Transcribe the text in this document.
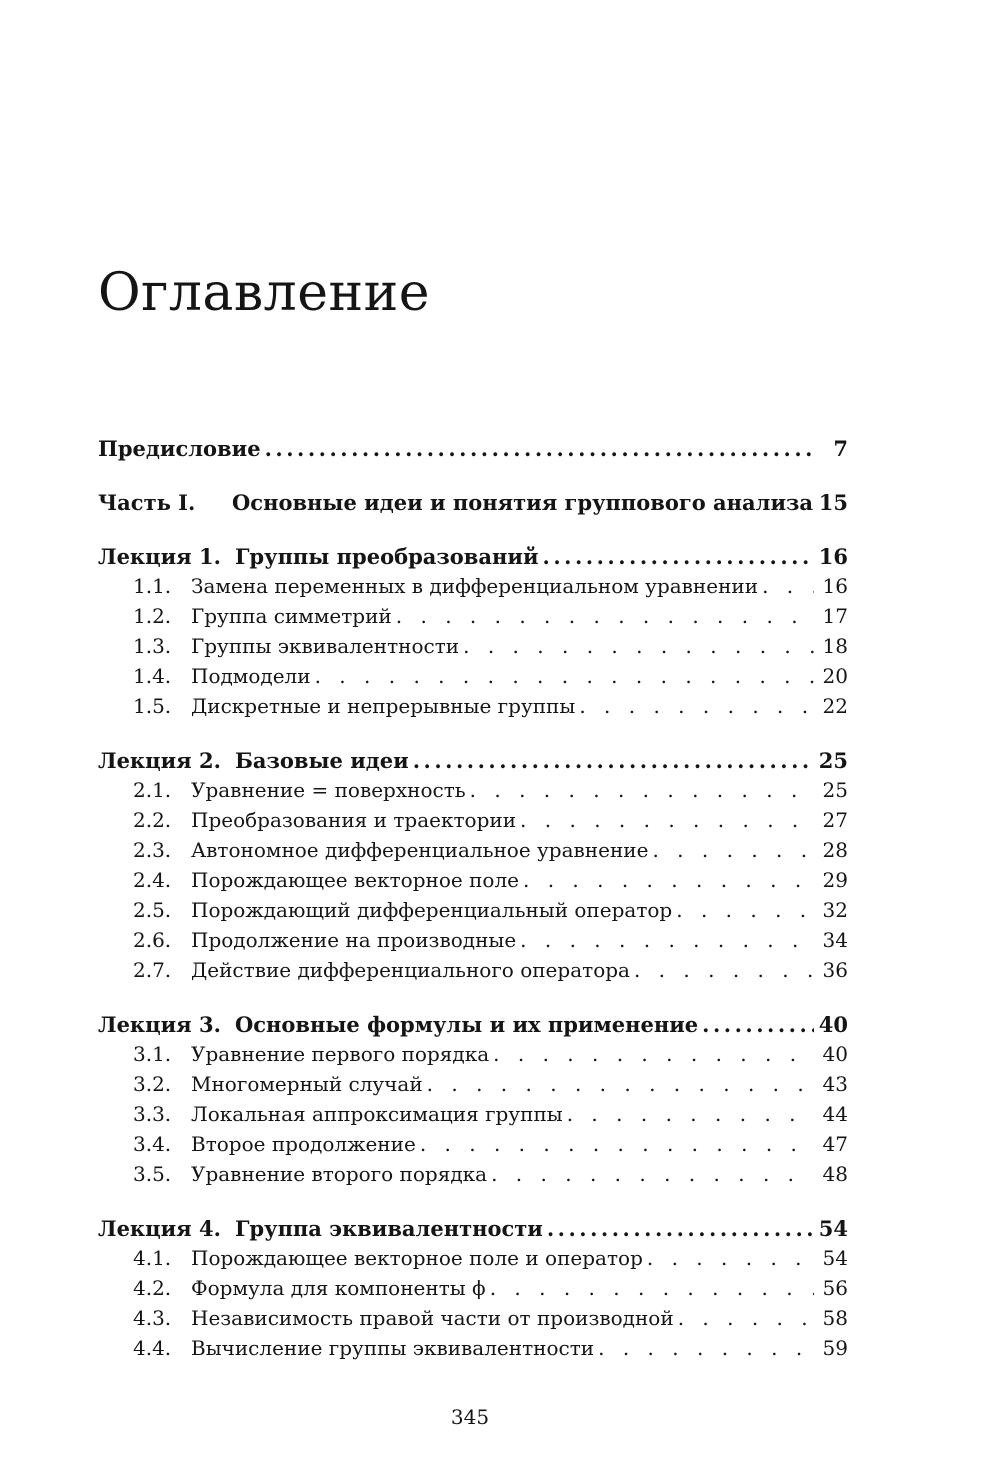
Оглавление
Предисловие .....	7
Часть I.	Основные идеи и понятия группового анализа 15
Лекция 1. Группы преобразований .....	16
1.1. Замена переменных в дифференциальном уравнении . . .	16
1.2. Группа симметрий . . .	17
1.3. Группы эквивалентности . . .	18
1.4. Подмодели . . .	20
1.5. Дискретные и непрерывные группы . . .	22
Лекция 2. Базовые идеи .....	25
2.1. Уравнение = поверхность . . .	25
2.2. Преобразования и траектории . . .	27
2.3. Автономное дифференциальное уравнение . . .	28
2.4. Порождающее векторное поле . . .	29
2.5. Порождающий дифференциальный оператор . . .	32
2.6. Продолжение на производные . . .	34
2.7. Действие дифференциального оператора . . .	36
Лекция 3. Основные формулы и их применение .....	40
3.1. Уравнение первого порядка . . .	40
3.2. Многомерный случай . . .	43
3.3. Локальная аппроксимация группы . . .	44
3.4. Второе продолжение . . .	47
3.5. Уравнение второго порядка . . .	48
Лекция 4. Группа эквивалентности .....	54
4.1. Порождающее векторное поле и оператор . . .	54
4.2. Формула для компоненты ϕ . . .	56
4.3. Независимость правой части от производной . . .	58
4.4. Вычисление группы эквивалентности . . .	59
345
